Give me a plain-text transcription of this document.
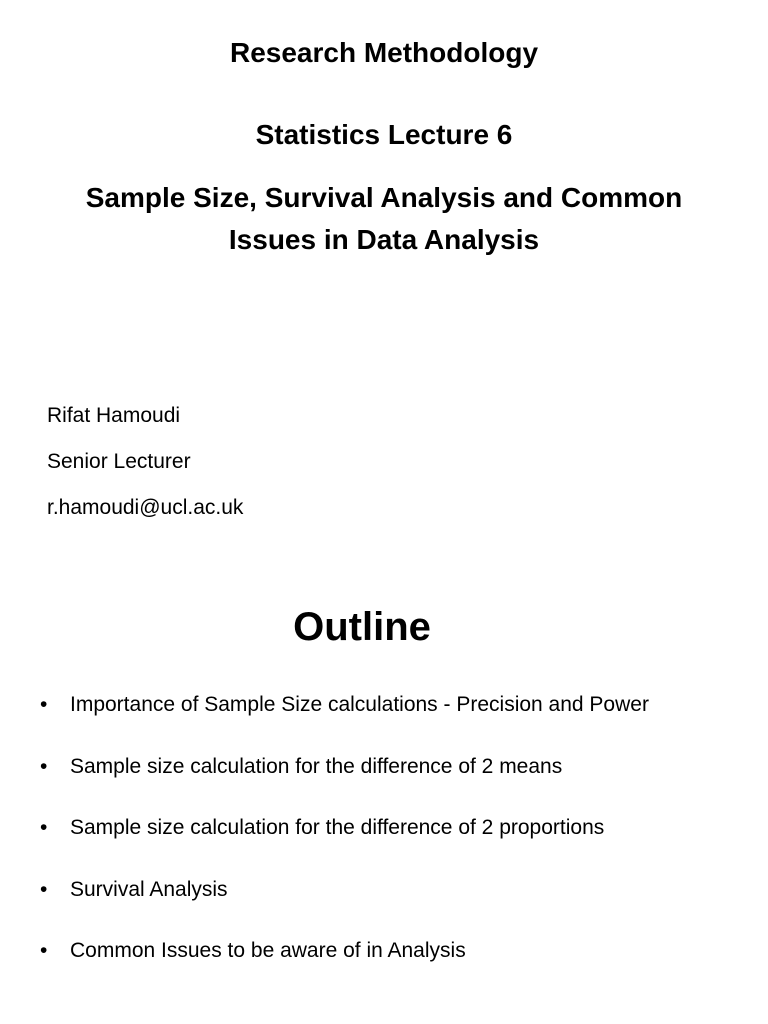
Research Methodology
Statistics Lecture 6
Sample Size, Survival Analysis and Common Issues in Data Analysis
Rifat Hamoudi
Senior Lecturer
r.hamoudi@ucl.ac.uk
Outline
• Importance of Sample Size calculations - Precision and Power
• Sample size calculation for the difference of 2 means
• Sample size calculation for the difference of 2 proportions
• Survival Analysis
• Common Issues to be aware of in Analysis
